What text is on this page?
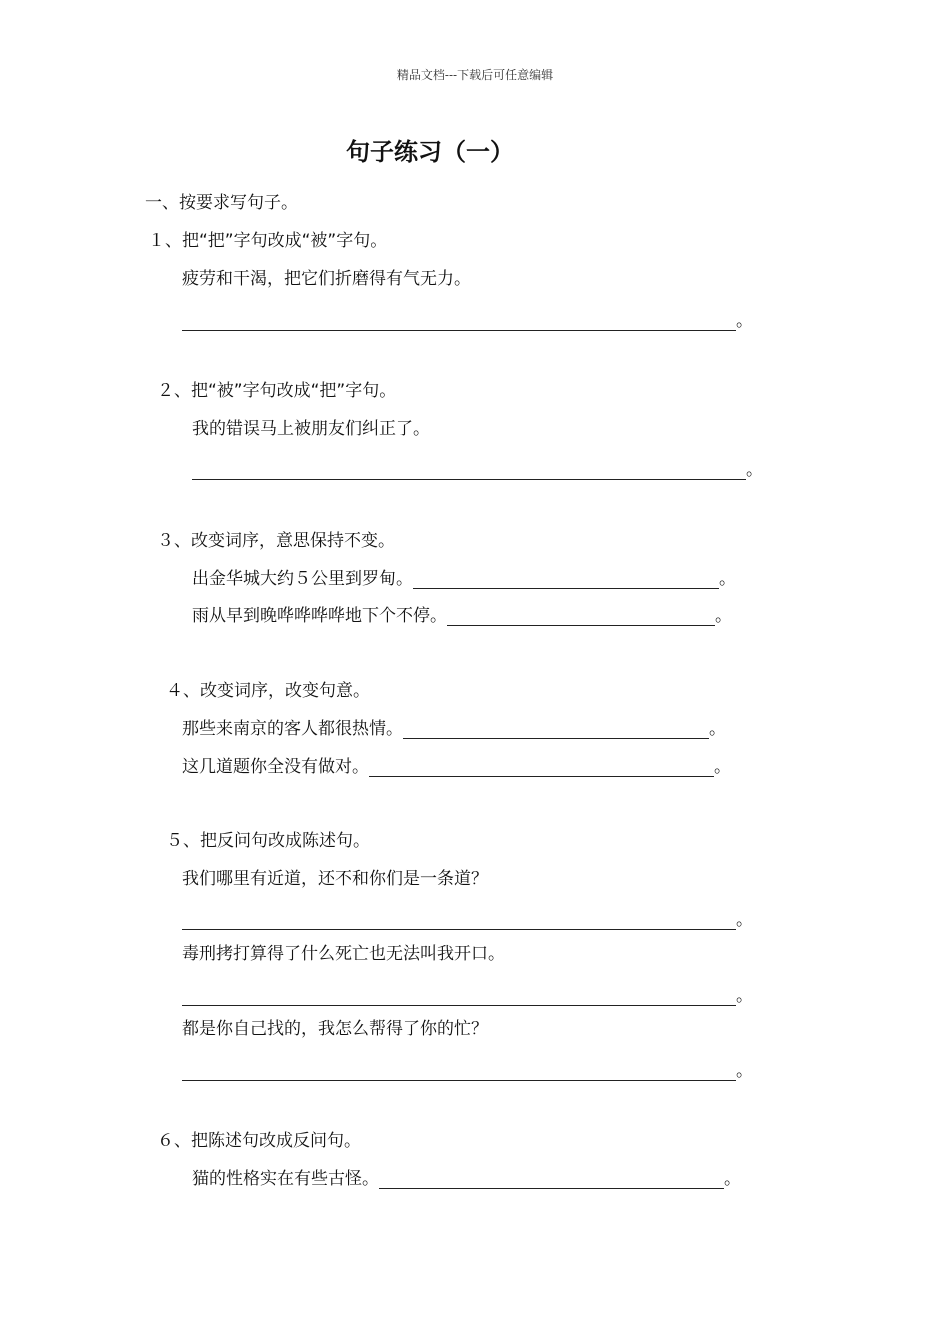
精品文档---下载后可任意编辑
句子练习（一）
一、按要求写句子。
１、把“把”字句改成“被”字句。
疲劳和干渴，把它们折磨得有气无力。
。
２、把“被”字句改成“把”字句。
我的错误马上被朋友们纠正了。
。
３、改变词序，意思保持不变。
出金华城大约５公里到罗甸。	。
雨从早到晚哗哗哗哗地下个不停。	。
４、改变词序，改变句意。
那些来南京的客人都很热情。	。
这几道题你全没有做对。	。
５、把反问句改成陈述句。
我们哪里有近道，还不和你们是一条道？
。
毒刑拷打算得了什么死亡也无法叫我开口。
。
都是你自己找的，我怎么帮得了你的忙？
。
６、把陈述句改成反问句。
猫的性格实在有些古怪。	。
